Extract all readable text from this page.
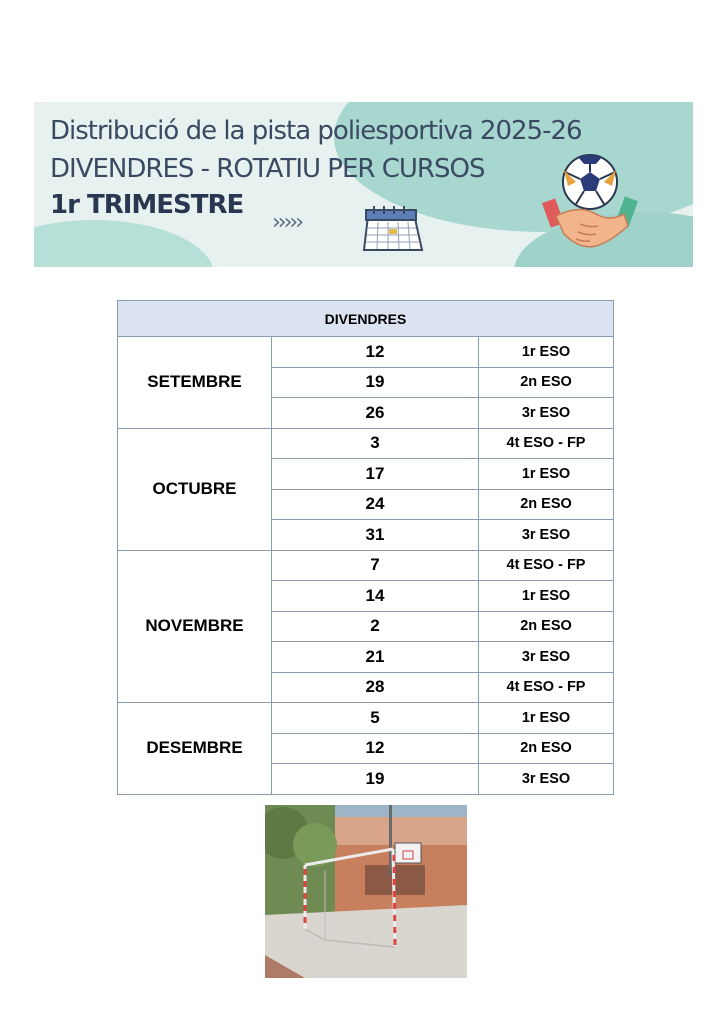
Distribució de la pista poliesportiva 2025-26
DIVENDRES - ROTATIU PER CURSOS
1r TRIMESTRE
›››››
DIVENDRES		
SETEMBRE	12	1r ESO
	19	2n ESO
	26	3r ESO
OCTUBRE	3	4t ESO - FP
	17	1r ESO
	24	2n ESO
	31	3r ESO
NOVEMBRE	7	4t ESO - FP
	14	1r ESO
	2	2n ESO
	21	3r ESO
	28	4t ESO - FP
DESEMBRE	5	1r ESO
	12	2n ESO
	19	3r ESO
